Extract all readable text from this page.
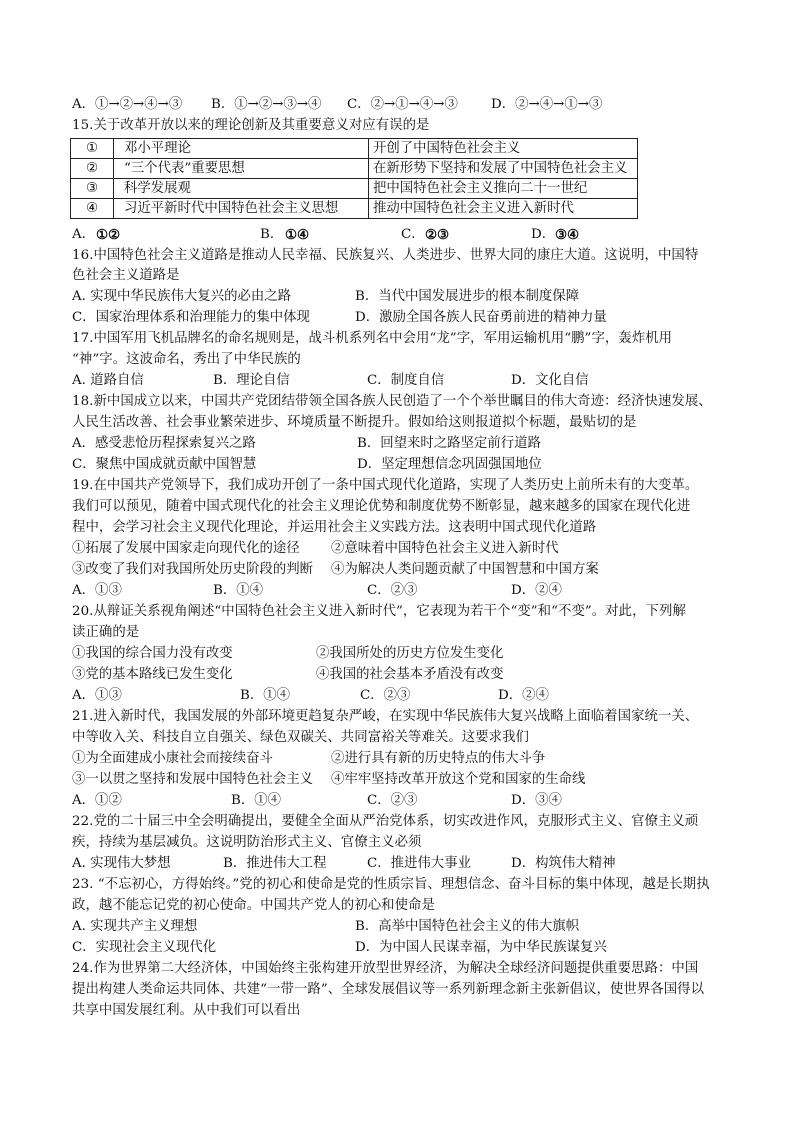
A．①→②→④→③ B．①→②→③→④ C．②→①→④→③ D．②→④→①→③
15.关于改革开放以来的理论创新及其重要意义对应有误的是
①	邓小平理论	开创了中国特色社会主义
②	“三个代表”重要思想	在新形势下坚持和发展了中国特色社会主义
③	科学发展观	把中国特色社会主义推向二十一世纪
④	习近平新时代中国特色社会主义思想	推动中国特色社会主义进入新时代
A. ①②	B． ①④	C． ②③	D． ③④
16.中国特色社会主义道路是推动人民幸福、民族复兴、人类进步、世界大同的康庄大道。这说明，中国特
色社会主义道路是
A. 实现中华民族伟大复兴的必由之路	B．当代中国发展进步的根本制度保障
C．国家治理体系和治理能力的集中体现	D．激励全国各族人民奋勇前进的精神力量
17.中国军用飞机品牌名的命名规则是，战斗机系列名中会用“龙”字，军用运输机用“鹏”字，轰炸机用
“神”字。这波命名，秀出了中华民族的
A. 道路自信	B．理论自信	C．制度自信	D．文化自信
18.新中国成立以来，中国共产党团结带领全国各族人民创造了一个个举世瞩目的伟大奇迹：经济快速发展、
人民生活改善、社会事业繁荣进步、环境质量不断提升。假如给这则报道拟个标题，最贴切的是
A．感受悲怆历程探索复兴之路	B．回望来时之路坚定前行道路
C．聚焦中国成就贡献中国智慧	D．坚定理想信念巩固强国地位
19.在中国共产党领导下，我们成功开创了一条中国式现代化道路，实现了人类历史上前所未有的大变革。
我们可以预见，随着中国式现代化的社会主义理论优势和制度优势不断彰显，越来越多的国家在现代化进
程中，会学习社会主义现代化理论，并运用社会主义实践方法。这表明中国式现代化道路
①拓展了发展中国家走向现代化的途径 ②意味着中国特色社会主义进入新时代
③改变了我们对我国所处历史阶段的判断 ④为解决人类问题贡献了中国智慧和中国方案
A．①③	B．①④	C．②③	D．②④
20.从辩证关系视角阐述“中国特色社会主义进入新时代”，它表现为若干个“变”和“不变”。对此，下列解
读正确的是
①我国的综合国力没有改变	②我国所处的历史方位发生变化
③党的基本路线已发生变化	④我国的社会基本矛盾没有改变
A．①③	B．①④	C．②③	D．②④
21.进入新时代，我国发展的外部环境更趋复杂严峻，在实现中华民族伟大复兴战略上面临着国家统一关、
中等收入关、科技自立自强关、绿色双碳关、共同富裕关等难关。这要求我们
①为全面建成小康社会而接续奋斗	②进行具有新的历史特点的伟大斗争
③一以贯之坚持和发展中国特色社会主义 ④牢牢坚持改革开放这个党和国家的生命线
A．①②	B．①④	C．②③	D．③④
22.党的二十届三中全会明确提出，要健全全面从严治党体系，切实改进作风，克服形式主义、官僚主义顽
疾，持续为基层减负。这说明防治形式主义、官僚主义必须
A. 实现伟大梦想	B．推进伟大工程	C．推进伟大事业	D．构筑伟大精神
23. “不忘初心，方得始终。”党的初心和使命是党的性质宗旨、理想信念、奋斗目标的集中体现，越是长期执
政，越不能忘记党的初心使命。中国共产党人的初心和使命是
A. 实现共产主义理想	B．高举中国特色社会主义的伟大旗帜
C．实现社会主义现代化	D．为中国人民谋幸福，为中华民族谋复兴
24.作为世界第二大经济体，中国始终主张构建开放型世界经济，为解决全球经济问题提供重要思路：中国
提出构建人类命运共同体、共建“一带一路”、全球发展倡议等一系列新理念新主张新倡议，使世界各国得以
共享中国发展红利。从中我们可以看出
